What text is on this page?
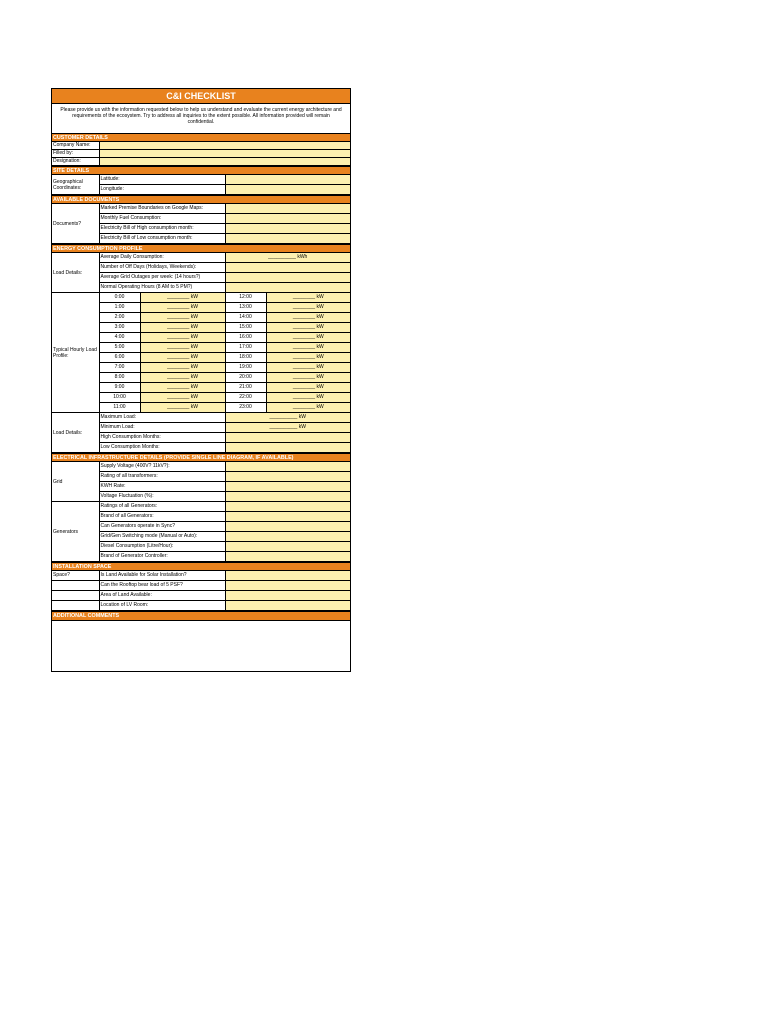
C&I CHECKLIST
Please provide us with the information requested below to help us understand and evaluate the current energy architecture and requirements of the ecosystem. Try to address all inquiries to the extent possible. All information provided will remain confidential.
CUSTOMER DETAILS
Company Name:	
Filled by:	
Designation:	
SITE DETAILS
Geographical Coordinates:	Latitude:	
	Longitude:	
AVAILABLE DOCUMENTS
Documents?	Marked Premise Boundaries on Google Maps:	
	Monthly Fuel Consumption:	
	Electricity Bill of High consumption month:	
	Electricity Bill of Low consumption month:	
ENERGY CONSUMPTION PROFILE
Load Details:	Average Daily Consumption:	__________ kWh
	Number of Off Days (Holidays, Weekends):	
	Average Grid Outages per week: (14 hours?)	
	Normal Operating Hours (8 AM to 5 PM?)	
Typical Hourly Load Profile:	0:00	________ kW	12:00	________ kW
	1:00	________ kW	13:00	________ kW
	2:00	________ kW	14:00	________ kW
	3:00	________ kW	15:00	________ kW
	4:00	________ kW	16:00	________ kW
	5:00	________ kW	17:00	________ kW
	6:00	________ kW	18:00	________ kW
	7:00	________ kW	19:00	________ kW
	8:00	________ kW	20:00	________ kW
	9:00	________ kW	21:00	________ kW
	10:00	________ kW	22:00	________ kW
	11:00	________ kW	23:00	________ kW
Load Details:	Maximum Load:	__________ kW
	Minimum Load:	__________ kW
	High Consumption Months:	
	Low Consumption Months:	
ELECTRICAL INFRASTRUCTURE DETAILS (PROVIDE SINGLE LINE DIAGRAM, IF AVAILABLE)
Grid	Supply Voltage (400V? 11kV?):	
	Rating of all transformers:	
	KWH Rate:	
	Voltage Fluctuation (%):	
Generators	Ratings of all Generators:	
	Brand of all Generators:	
	Can Generators operate in Sync?	
	Grid/Gen Switching mode (Manual or Auto):	
	Diesel Consumption (Litre/Hour):	
	Brand of Generator Controller:	
INSTALLATION SPACE
Space?	Is Land Available for Solar Installation?	
	Can the Rooftop bear load of 5 PSF?	
	Area of Land Available:	
	Location of LV Room:	
ADDITIONAL COMMENTS
